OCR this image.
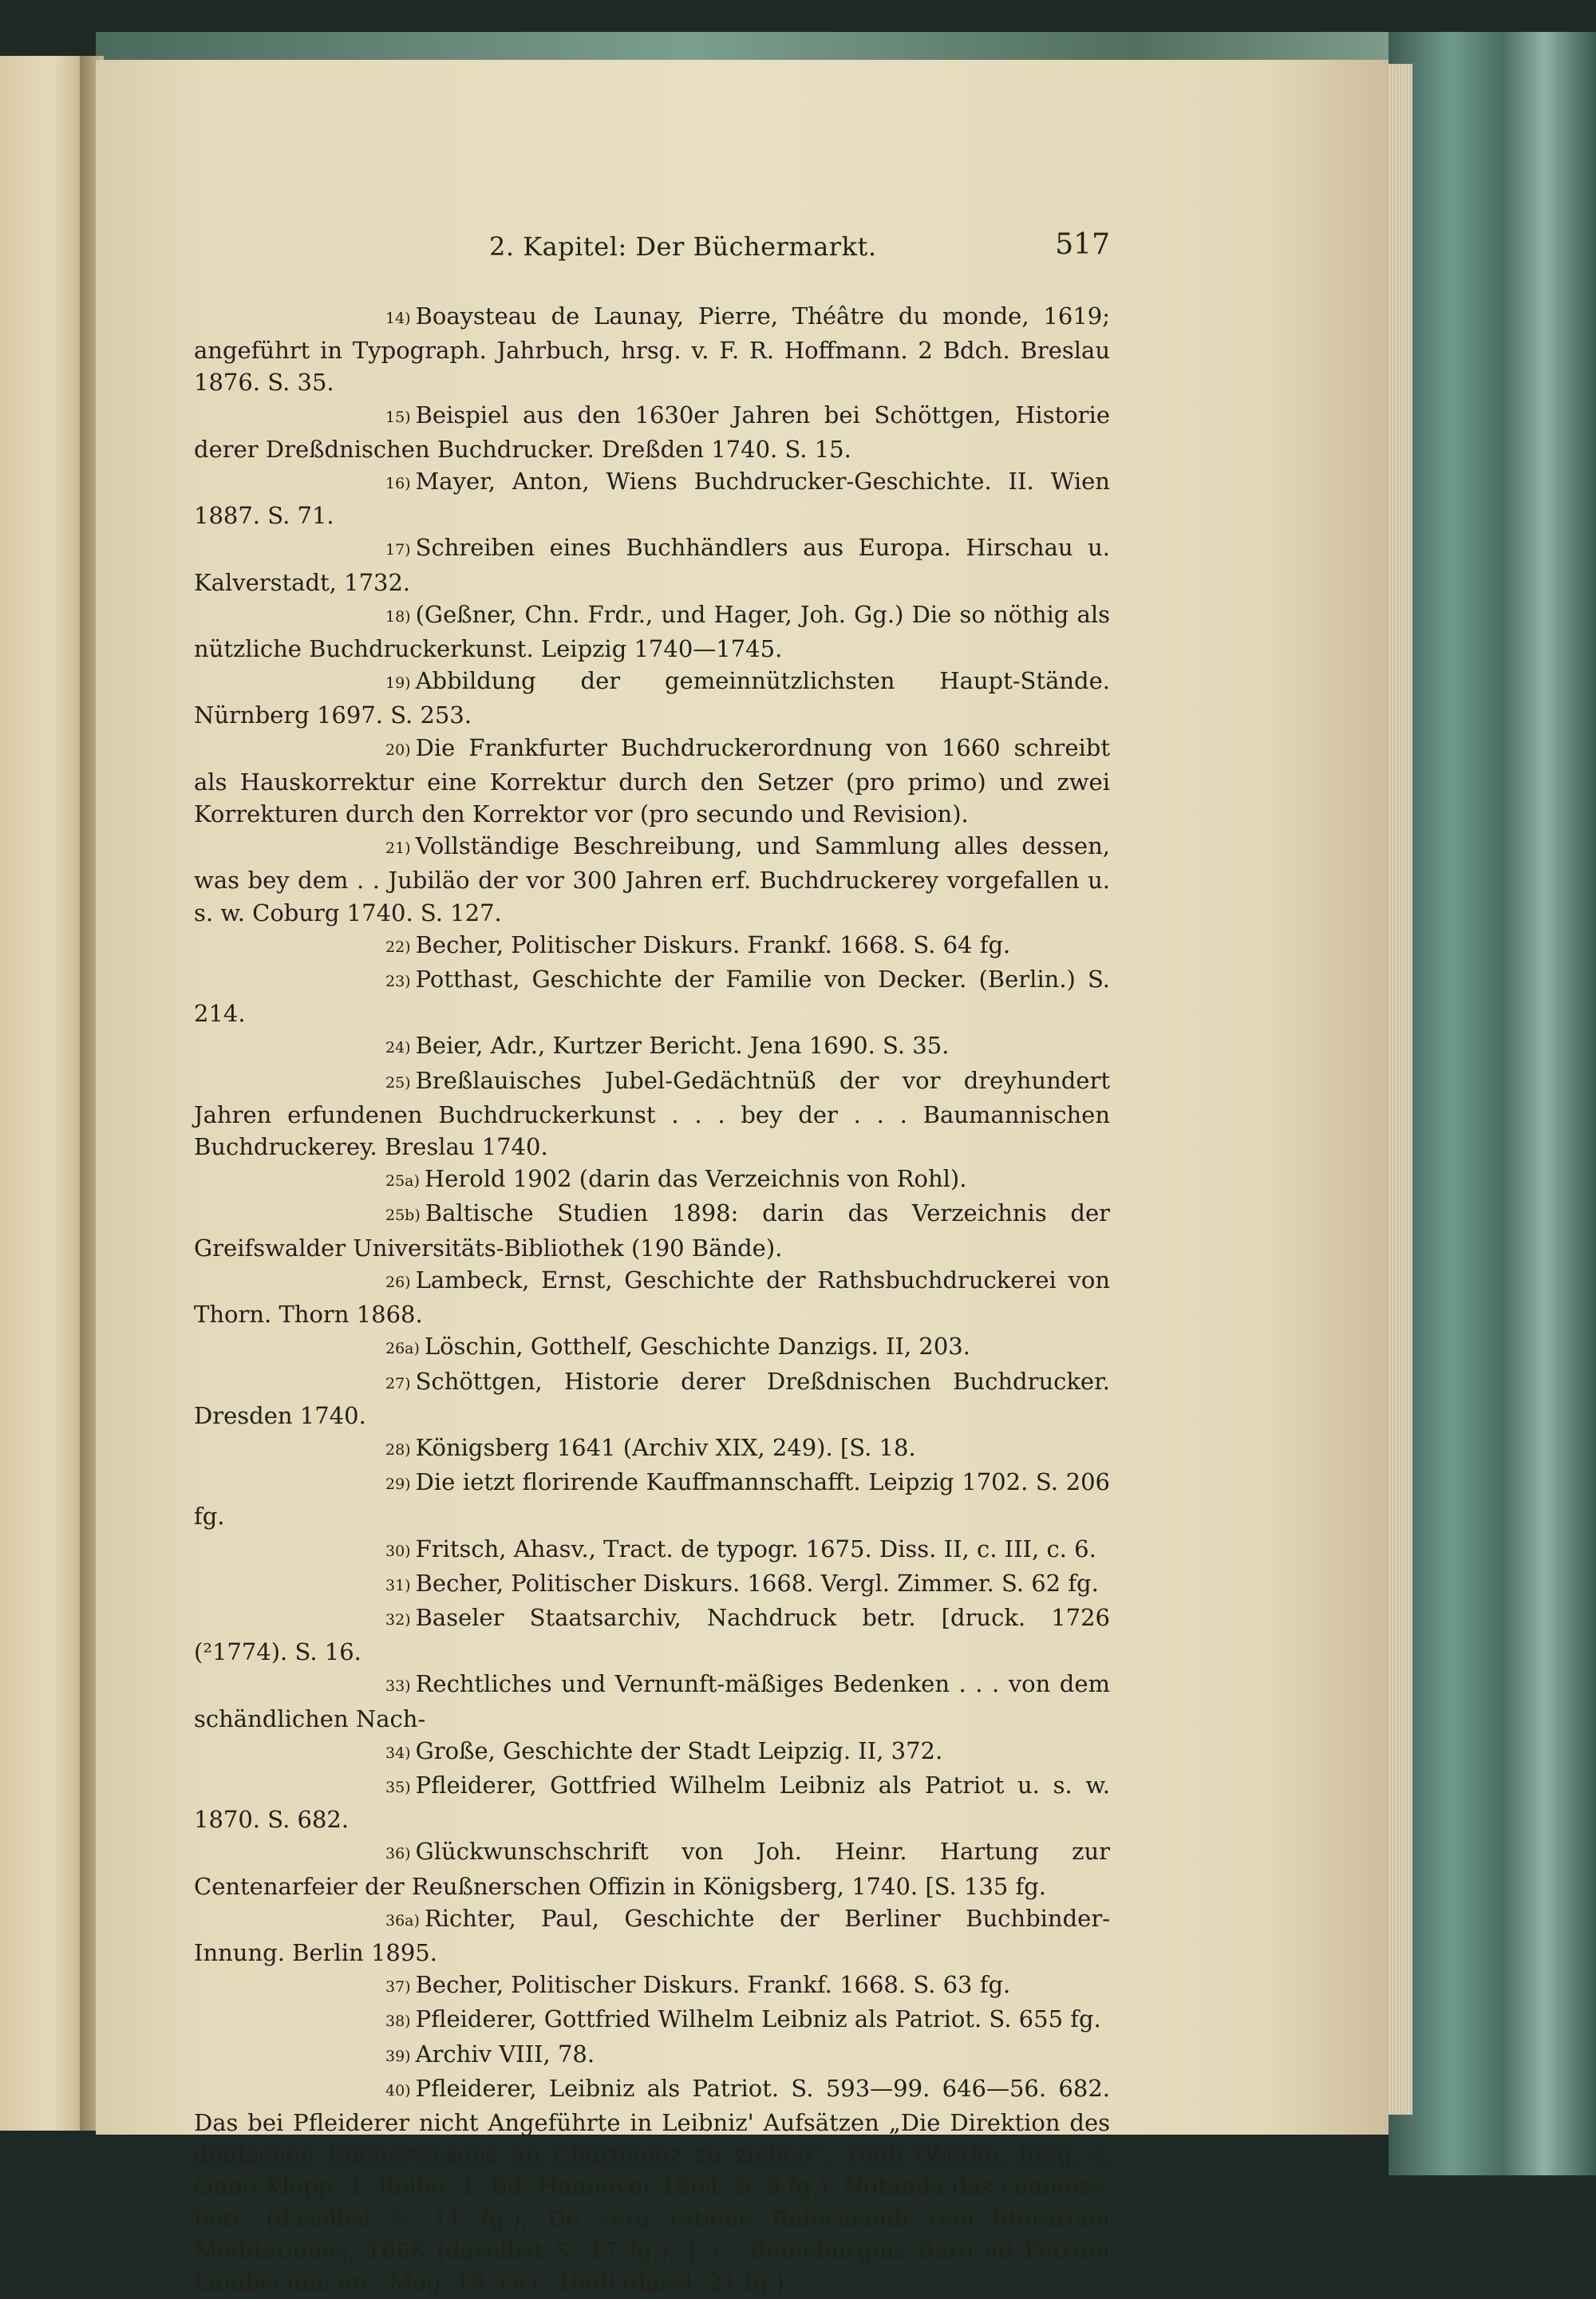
2. Kapitel: Der Büchermarkt.	517

14) Boaysteau de Launay, Pierre, Théâtre du monde, 1619; angeführt in Typograph. Jahrbuch, hrsg. v. F. R. Hoffmann. 2 Bdch. Breslau 1876. S. 35.

15) Beispiel aus den 1630er Jahren bei Schöttgen, Historie derer Dreßdnischen Buchdrucker. Dreßden 1740. S. 15.

16) Mayer, Anton, Wiens Buchdrucker-Geschichte. II. Wien 1887. S. 71.

17) Schreiben eines Buchhändlers aus Europa. Hirschau u. Kalverstadt, 1732.

18) (Geßner, Chn. Frdr., und Hager, Joh. Gg.) Die so nöthig als nützliche Buchdruckerkunst. Leipzig 1740—1745.

19) Abbildung der gemeinnützlichsten Haupt-Stände. Nürnberg 1697. S. 253.

20) Die Frankfurter Buchdruckerordnung von 1660 schreibt als Hauskorrektur eine Korrektur durch den Setzer (pro primo) und zwei Korrekturen durch den Korrektor vor (pro secundo und Revision).

21) Vollständige Beschreibung, und Sammlung alles dessen, was bey dem . . Jubiläo der vor 300 Jahren erf. Buchdruckerey vorgefallen u. s. w. Coburg 1740. S. 127.

22) Becher, Politischer Diskurs. Frankf. 1668. S. 64 fg.

23) Potthast, Geschichte der Familie von Decker. (Berlin.) S. 214.

24) Beier, Adr., Kurtzer Bericht. Jena 1690. S. 35.

25) Breßlauisches Jubel-Gedächtnüß der vor dreyhundert Jahren erfundenen Buchdruckerkunst . . . bey der . . . Baumannischen Buchdruckerey. Breslau 1740.

25a) Herold 1902 (darin das Verzeichnis von Rohl).

25b) Baltische Studien 1898: darin das Verzeichnis der Greifswalder Universitäts-Bibliothek (190 Bände).

26) Lambeck, Ernst, Geschichte der Rathsbuchdruckerei von Thorn. Thorn 1868.

26a) Löschin, Gotthelf, Geschichte Danzigs. II, 203.

27) Schöttgen, Historie derer Dreßdnischen Buchdrucker. Dresden 1740.

28) Königsberg 1641 (Archiv XIX, 249). [S. 18.

29) Die ietzt florirende Kauffmannschafft. Leipzig 1702. S. 206 fg.

30) Fritsch, Ahasv., Tract. de typogr. 1675. Diss. II, c. III, c. 6.

31) Becher, Politischer Diskurs. 1668. Vergl. Zimmer. S. 62 fg.

32) Baseler Staatsarchiv, Nachdruck betr. [druck. 1726 (²1774). S. 16.

33) Rechtliches und Vernunft-mäßiges Bedenken . . . von dem schändlichen Nach-

34) Große, Geschichte der Stadt Leipzig. II, 372.

35) Pfleiderer, Gottfried Wilhelm Leibniz als Patriot u. s. w. 1870. S. 682.

36) Glückwunschschrift von Joh. Heinr. Hartung zur Centenarfeier der Reußnerschen Offizin in Königsberg, 1740. [S. 135 fg.

36a) Richter, Paul, Geschichte der Berliner Buchbinder-Innung. Berlin 1895.

37) Becher, Politischer Diskurs. Frankf. 1668. S. 63 fg.

38) Pfleiderer, Gottfried Wilhelm Leibniz als Patriot. S. 655 fg.

39) Archiv VIII, 78.

40) Pfleiderer, Leibniz als Patriot. S. 593—99. 646—56. 682. Das bei Pfleiderer nicht Angeführte in Leibniz' Aufsätzen „Die Direktion des deutschen Bücherwesens an Churmainz zu ziehen“, 1668 (Werke, hrsg. v. Onno Klopp, 1. Reihe, 1. Bd. Hannover 1864. S. 9 fg.); Notanda das commiss. betr. (daselbst S. 11 fg.); De vera ratione Reformandi rem literariam Meditationes, 1668 (daselbst S. 17 fg.); J. C. Boineburgius Baro ad Petrum Lambecium etc. Mog. 18. Oct. 1668 (dasel. 21 fg.).
